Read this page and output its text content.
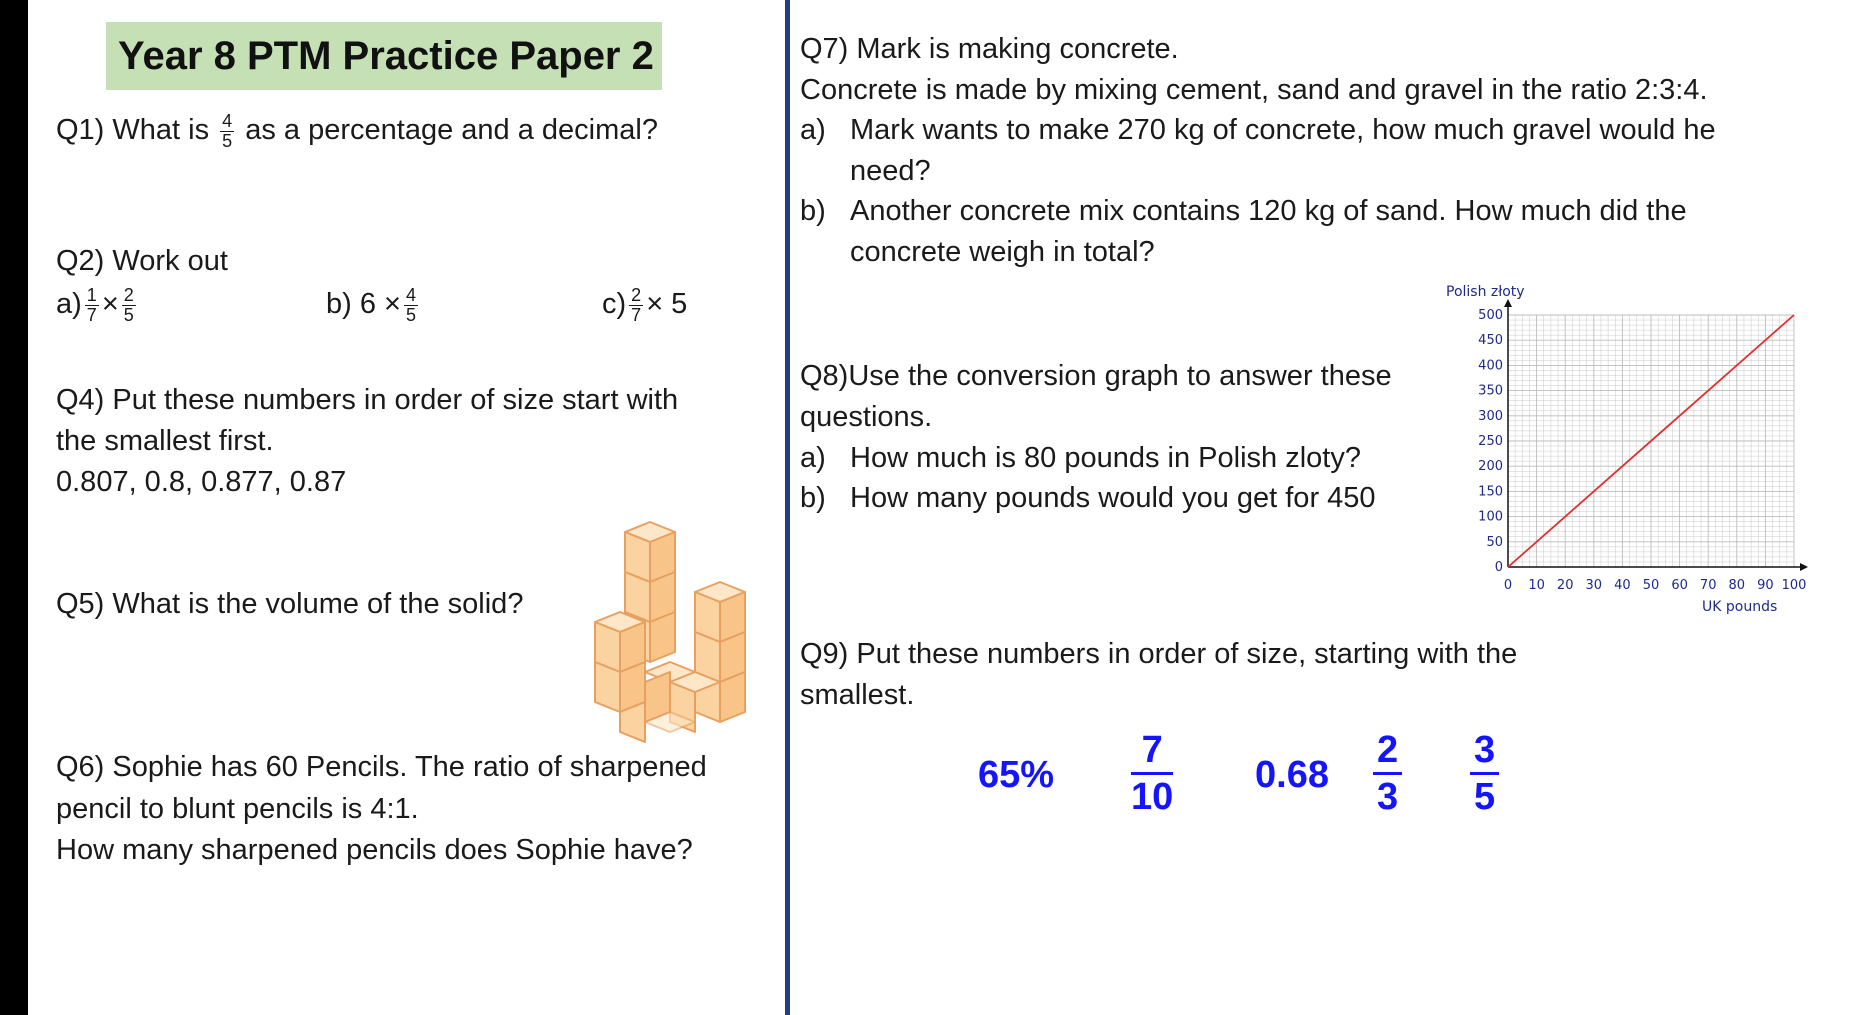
Year 8 PTM Practice Paper 2
Q1) What is $\frac{4}{5}$ as a percentage and a decimal?
Q2) Work out
$a) \frac{1}{7} \times \frac{2}{5}$	b) $6 \times \frac{4}{5}$	$c) \frac{2}{7} \times 5$
Q4) Put these numbers in order of size start with
the smallest first.
0.807, 0.8, 0.877, 0.87
Q5) What is the volume of the solid?
Q6) Sophie has 60 Pencils. The ratio of sharpened
pencil to blunt pencils is 4:1.
How many sharpened pencils does Sophie have?
Q7) Mark is making concrete.
Concrete is made by mixing cement, sand and gravel in the ratio 2:3:4.
a) Mark wants to make 270 kg of concrete, how much gravel would he
need?
b) Another concrete mix contains 120 kg of sand. How much did the
concrete weigh in total?
Q8)Use the conversion graph to answer these
questions.
a) How much is 80 pounds in Polish zloty?
b) How many pounds would you get for 450
0 10 20 30 40 50 60 70 80 90 100
0
50
100
150
200
250
300
350
400
450
500
Polish złoty
UK pounds
Q9) Put these numbers in order of size, starting with the
smallest.
65%
7
10
0.68
2
3
3
5
